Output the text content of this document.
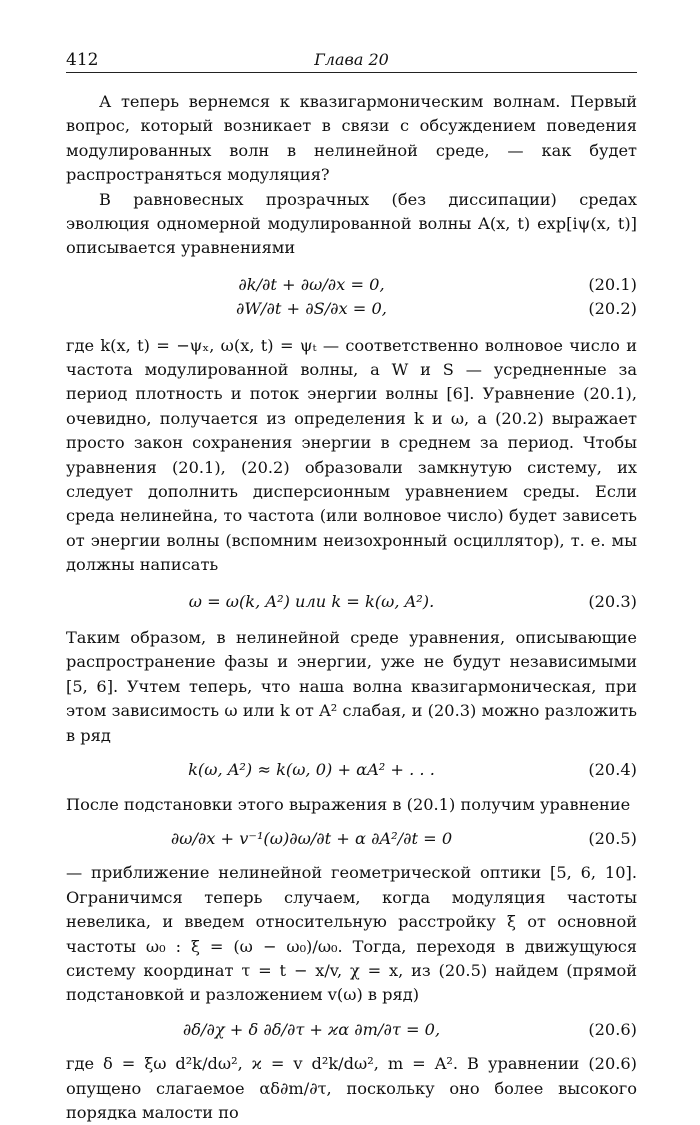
412	Глава 20

А теперь вернемся к квазигармоническим волнам. Первый вопрос, который возникает в связи с обсуждением поведения модулированных волн в нелинейной среде, — как будет распространяться модуляция?

В равновесных прозрачных (без диссипации) средах эволюция одномерной модулированной волны A(x, t) exp[iψ(x, t)] описывается уравнениями

∂k/∂t + ∂ω/∂x = 0,	(20.1)
∂W/∂t + ∂S/∂x = 0,	(20.2)

где k(x, t) = −ψₓ, ω(x, t) = ψₜ — соответственно волновое число и частота модулированной волны, а W и S — усредненные за период плотность и поток энергии волны [6]. Уравнение (20.1), очевидно, получается из определения k и ω, а (20.2) выражает просто закон сохранения энергии в среднем за период. Чтобы уравнения (20.1), (20.2) образовали замкнутую систему, их следует дополнить дисперсионным уравнением среды. Если среда нелинейна, то частота (или волновое число) будет зависеть от энергии волны (вспомним неизохронный осциллятор), т. е. мы должны написать

ω = ω(k, A²) или k = k(ω, A²).	(20.3)

Таким образом, в нелинейной среде уравнения, описывающие распространение фазы и энергии, уже не будут независимыми [5, 6]. Учтем теперь, что наша волна квазигармоническая, при этом зависимость ω или k от A² слабая, и (20.3) можно разложить в ряд

k(ω, A²) ≈ k(ω, 0) + αA² + . . .	(20.4)

После подстановки этого выражения в (20.1) получим уравнение

∂ω/∂x + v⁻¹(ω)∂ω/∂t + α ∂A²/∂t = 0	(20.5)

— приближение нелинейной геометрической оптики [5, 6, 10]. Ограничимся теперь случаем, когда модуляция частоты невелика, и введем относительную расстройку ξ от основной частоты ω₀ : ξ = (ω − ω₀)/ω₀. Тогда, переходя в движущуюся систему координат τ = t − x/v, χ = x, из (20.5) найдем (прямой подстановкой и разложением v(ω) в ряд)

∂δ/∂χ + δ ∂δ/∂τ + ϰα ∂m/∂τ = 0,	(20.6)

где δ = ξω d²k/dω², ϰ = v d²k/dω², m = A². В уравнении (20.6) опущено слагаемое αδ∂m/∂τ, поскольку оно более высокого порядка малости по
